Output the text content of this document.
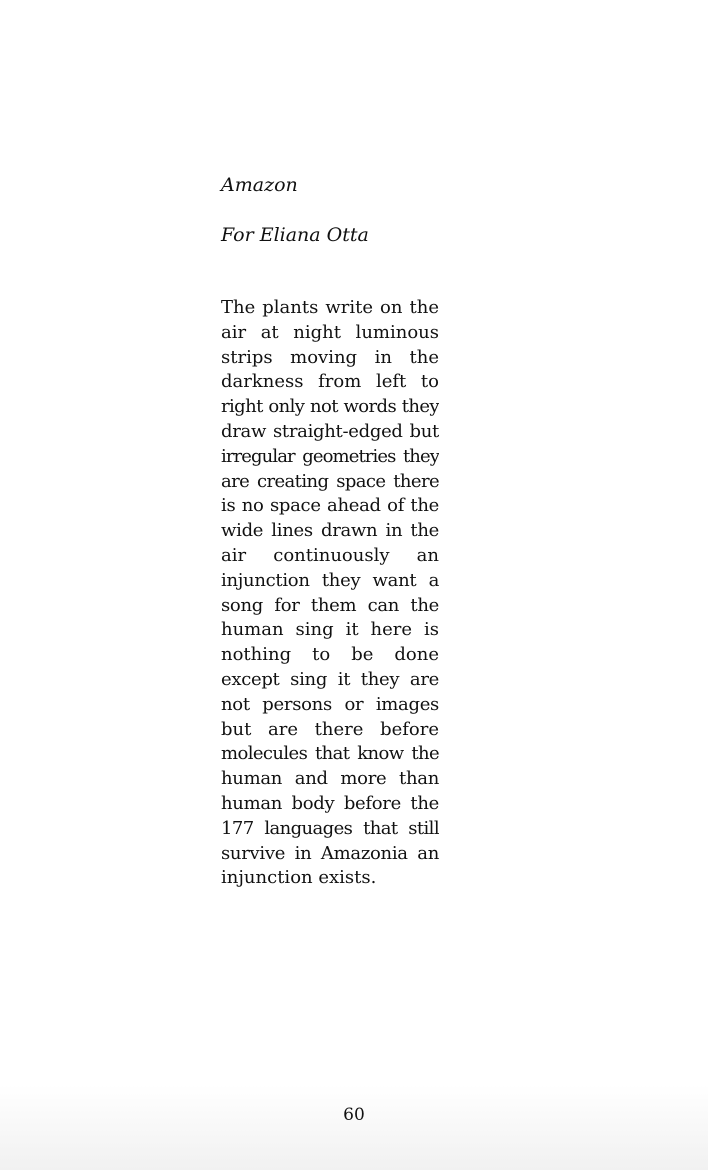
Amazon
For Eliana Otta
The plants write on the
air at night luminous
strips moving in the
darkness from left to
right only not words they
draw straight-edged but
irregular geometries they
are creating space there
is no space ahead of the
wide lines drawn in the
air continuously an
injunction they want a
song for them can the
human sing it here is
nothing to be done
except sing it they are
not persons or images
but are there before
molecules that know the
human and more than
human body before the
177 languages that still
survive in Amazonia an
injunction exists.
60
